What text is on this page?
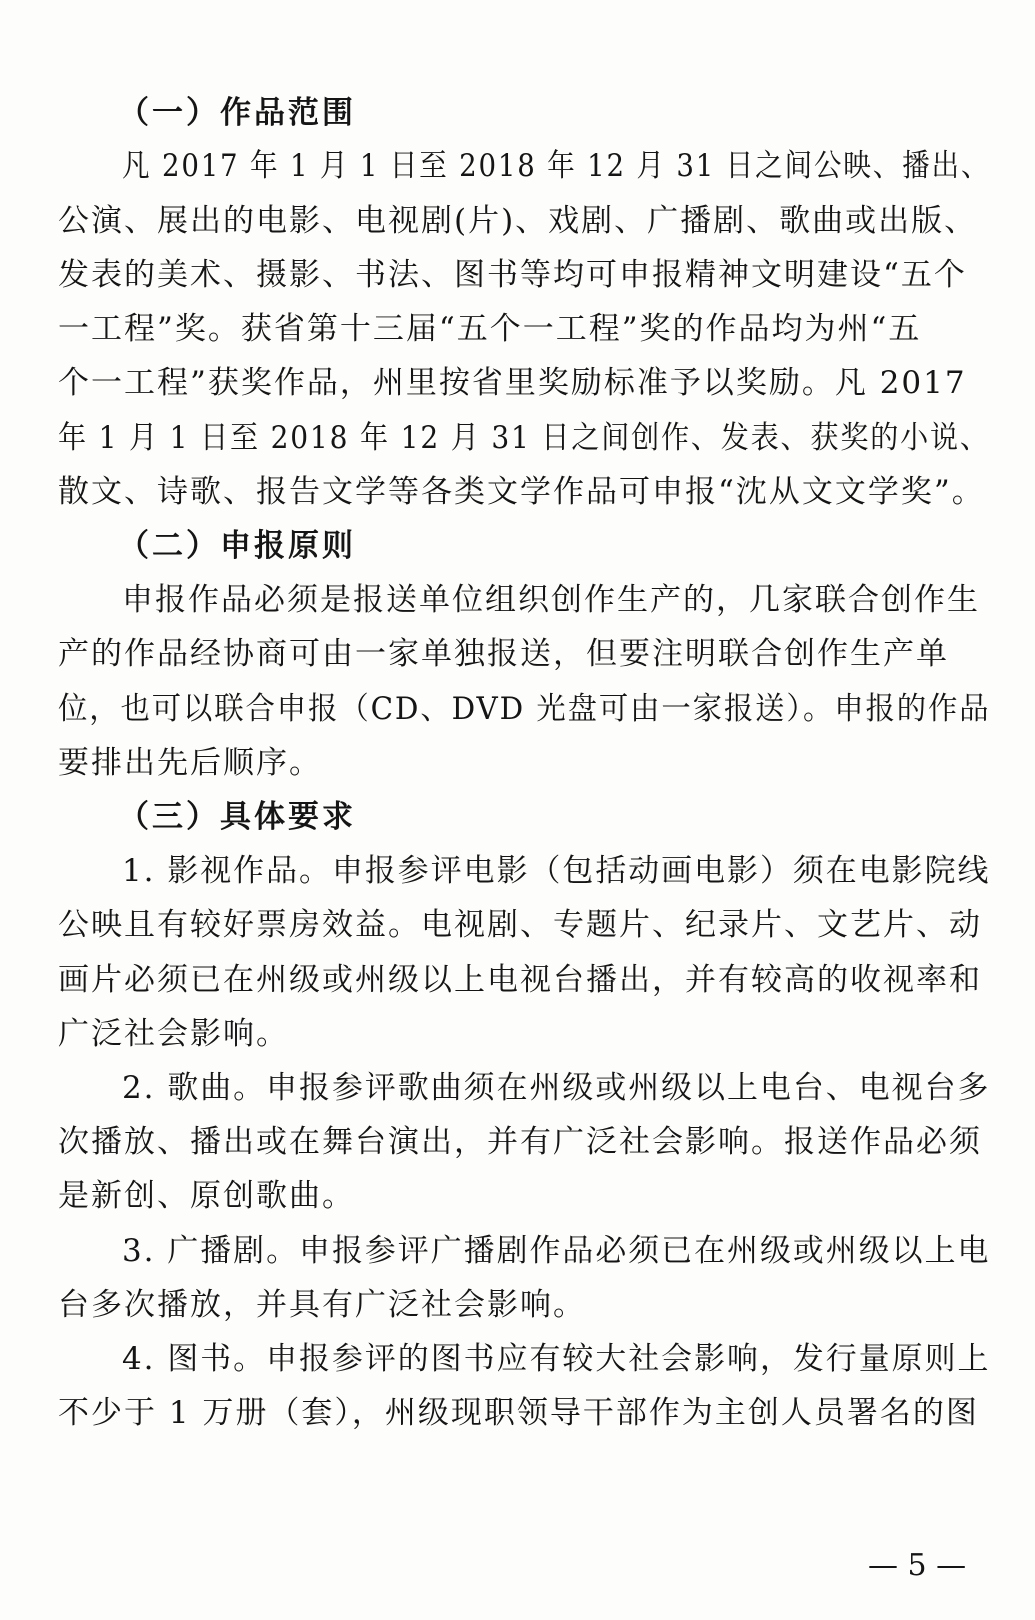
（一）作品范围
凡 2017 年 1 月 1 日至 2018 年 12 月 31 日之间公映、播出、
公演、展出的电影、电视剧(片)、戏剧、广播剧、歌曲或出版、
发表的美术、摄影、书法、图书等均可申报精神文明建设“五个
一工程”奖。获省第十三届“五个一工程”奖的作品均为州“五
个一工程”获奖作品，州里按省里奖励标准予以奖励。凡 2017
年 1 月 1 日至 2018 年 12 月 31 日之间创作、发表、获奖的小说、
散文、诗歌、报告文学等各类文学作品可申报“沈从文文学奖”。
（二）申报原则
申报作品必须是报送单位组织创作生产的，几家联合创作生
产的作品经协商可由一家单独报送，但要注明联合创作生产单
位，也可以联合申报（CD、DVD 光盘可由一家报送）。申报的作品
要排出先后顺序。
（三）具体要求
1. 影视作品。申报参评电影（包括动画电影）须在电影院线
公映且有较好票房效益。电视剧、专题片、纪录片、文艺片、动
画片必须已在州级或州级以上电视台播出，并有较高的收视率和
广泛社会影响。
2. 歌曲。申报参评歌曲须在州级或州级以上电台、电视台多
次播放、播出或在舞台演出，并有广泛社会影响。报送作品必须
是新创、原创歌曲。
3. 广播剧。申报参评广播剧作品必须已在州级或州级以上电
台多次播放，并具有广泛社会影响。
4. 图书。申报参评的图书应有较大社会影响，发行量原则上
不少于 1 万册（套），州级现职领导干部作为主创人员署名的图
— 5 —
